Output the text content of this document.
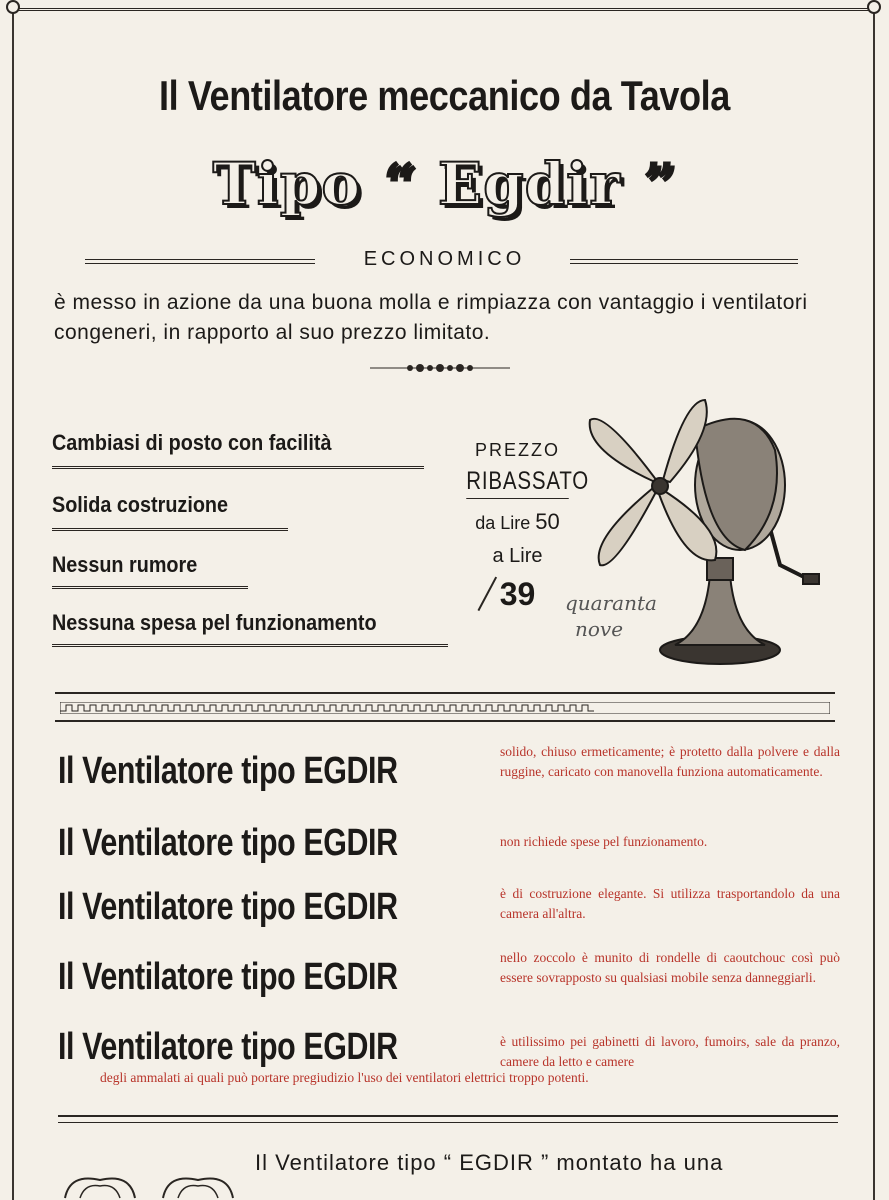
Il Ventilatore meccanico da Tavola
Tipo “ Egdir ”
ECONOMICO
è messo in azione da una buona molla e rimpiazza con vantaggio i ventilatori congeneri, in rapporto al suo prezzo limitato.
Cambiasi di posto con facilità
Solida costruzione
Nessun rumore
Nessuna spesa pel funzionamento
PREZZO
RIBASSATO
da Lire 50
a Lire
39	quaranta
nove
Il Ventilatore tipo EGDIR	solido, chiuso ermeticamente; è protetto dalla polvere e dalla ruggine, caricato con manovella funziona automaticamente.
Il Ventilatore tipo EGDIR	non richiede spese pel funzionamento.
Il Ventilatore tipo EGDIR	è di costruzione elegante. Si utilizza trasportandolo da una camera all'altra.
Il Ventilatore tipo EGDIR	nello zoccolo è munito di rondelle di caoutchouc così può essere sovrapposto su qualsiasi mobile senza danneggiarli.
Il Ventilatore tipo EGDIR	è utilissimo pei gabinetti di lavoro, fumoirs, sale da pranzo, camere da letto e camere
degli ammalati ai quali può portare pregiudizio l'uso dei ventilatori elettrici troppo potenti.
Il Ventilatore tipo “ EGDIR ” montato ha una
